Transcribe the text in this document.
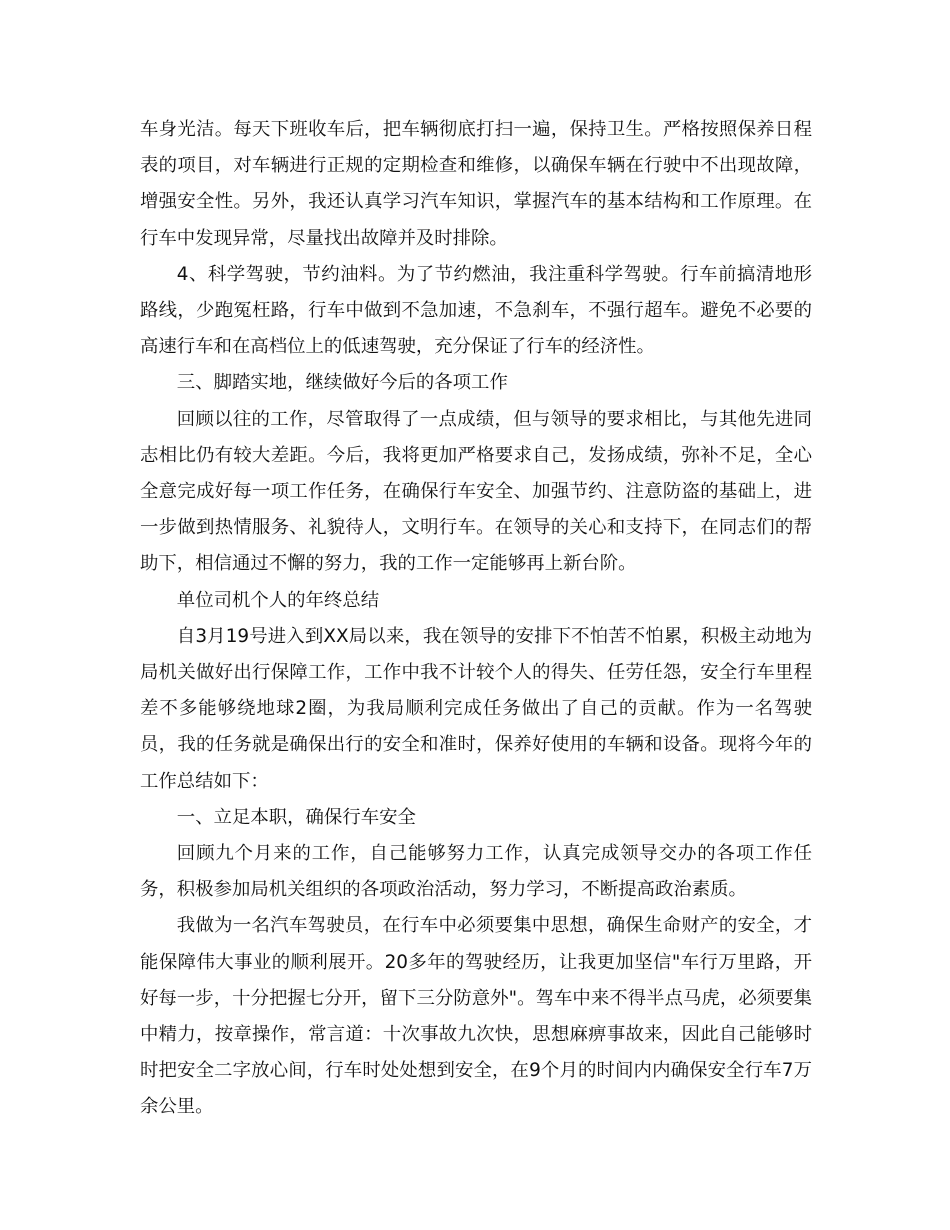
车身光洁。每天下班收车后，把车辆彻底打扫一遍，保持卫生。严格按照保养日程表的项目，对车辆进行正规的定期检查和维修，以确保车辆在行驶中不出现故障，增强安全性。另外，我还认真学习汽车知识，掌握汽车的基本结构和工作原理。在行车中发现异常，尽量找出故障并及时排除。

4、科学驾驶，节约油料。为了节约燃油，我注重科学驾驶。行车前搞清地形路线，少跑冤枉路，行车中做到不急加速，不急刹车，不强行超车。避免不必要的高速行车和在高档位上的低速驾驶，充分保证了行车的经济性。

三、脚踏实地，继续做好今后的各项工作

回顾以往的工作，尽管取得了一点成绩，但与领导的要求相比，与其他先进同志相比仍有较大差距。今后，我将更加严格要求自己，发扬成绩，弥补不足，全心全意完成好每一项工作任务，在确保行车安全、加强节约、注意防盗的基础上，进一步做到热情服务、礼貌待人，文明行车。在领导的关心和支持下，在同志们的帮助下，相信通过不懈的努力，我的工作一定能够再上新台阶。

单位司机个人的年终总结

自3月19号进入到XX局以来，我在领导的安排下不怕苦不怕累，积极主动地为局机关做好出行保障工作，工作中我不计较个人的得失、任劳任怨，安全行车里程差不多能够绕地球2圈，为我局顺利完成任务做出了自己的贡献。作为一名驾驶员，我的任务就是确保出行的安全和准时，保养好使用的车辆和设备。现将今年的工作总结如下：

一、立足本职，确保行车安全

回顾九个月来的工作，自己能够努力工作，认真完成领导交办的各项工作任务，积极参加局机关组织的各项政治活动，努力学习，不断提高政治素质。

我做为一名汽车驾驶员，在行车中必须要集中思想，确保生命财产的安全，才能保障伟大事业的顺利展开。20多年的驾驶经历，让我更加坚信"车行万里路，开好每一步，十分把握七分开，留下三分防意外"。驾车中来不得半点马虎，必须要集中精力，按章操作，常言道：十次事故九次快，思想麻痹事故来，因此自己能够时时把安全二字放心间，行车时处处想到安全，在9个月的时间内内确保安全行车7万余公里。
